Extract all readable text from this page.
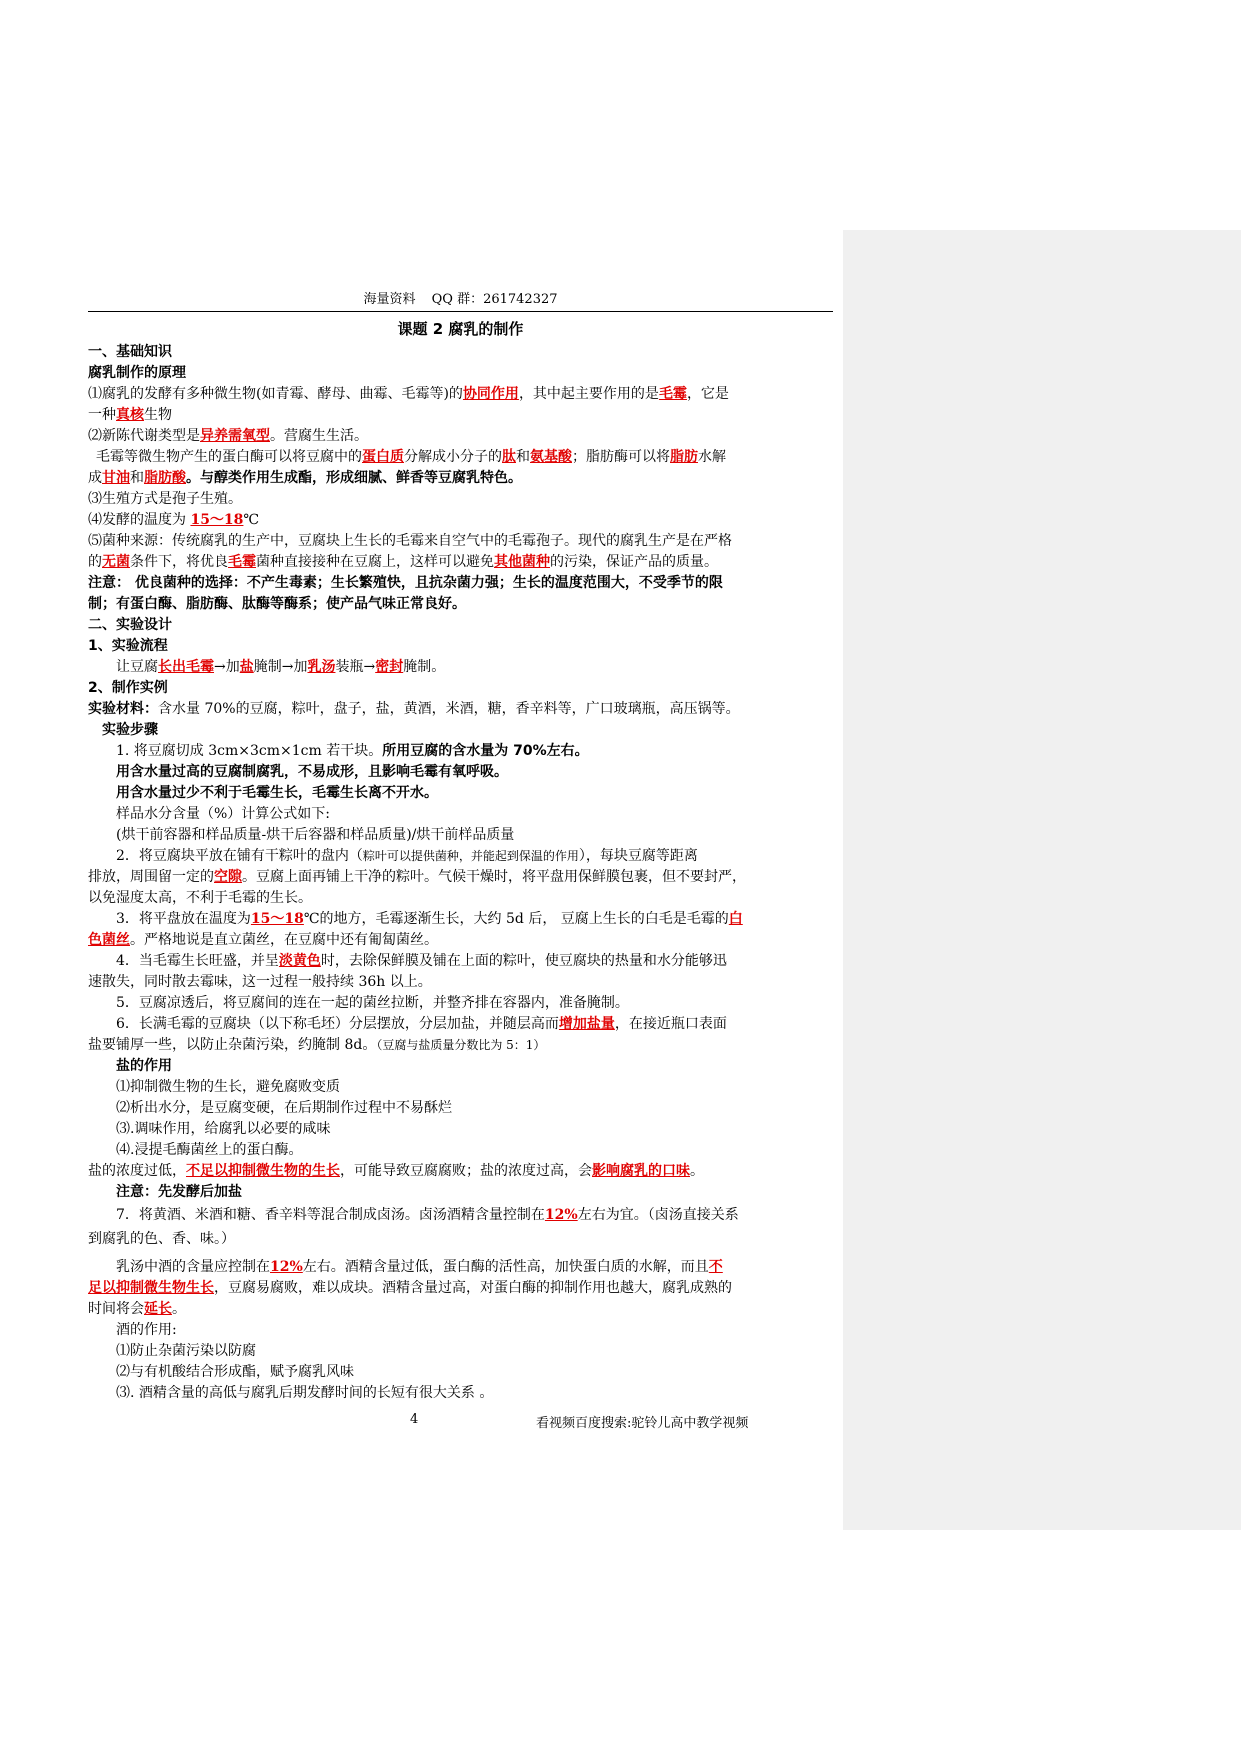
海量资料 QQ 群：261742327
课题 2 腐乳的制作
一、基础知识
腐乳制作的原理

⑴腐乳的发酵有多种微生物(如青霉、酵母、曲霉、毛霉等)的协同作用，其中起主要作用的是毛霉，它是

一种真核生物

⑵新陈代谢类型是异养需氧型。营腐生生活。

毛霉等微生物产生的蛋白酶可以将豆腐中的蛋白质分解成小分子的肽和氨基酸；脂肪酶可以将脂肪水解

成甘油和脂肪酸。与醇类作用生成酯，形成细腻、鲜香等豆腐乳特色。

⑶生殖方式是孢子生殖。

⑷发酵的温度为 15～18℃

⑸菌种来源：传统腐乳的生产中，豆腐块上生长的毛霉来自空气中的毛霉孢子。现代的腐乳生产是在严格

的无菌条件下，将优良毛霉菌种直接接种在豆腐上，这样可以避免其他菌种的污染，保证产品的质量。

注意： 优良菌种的选择：不产生毒素；生长繁殖快，且抗杂菌力强；生长的温度范围大，不受季节的限

制；有蛋白酶、脂肪酶、肽酶等酶系；使产品气味正常良好。

二、实验设计
1、实验流程

让豆腐长出毛霉→加盐腌制→加乳汤装瓶→密封腌制。

2、制作实例

实验材料：含水量 70%的豆腐，粽叶，盘子，盐，黄酒，米酒，糖，香辛料等，广口玻璃瓶，高压锅等。

实验步骤

1. 将豆腐切成 3cm×3cm×1cm 若干块。所用豆腐的含水量为 70%左右。

用含水量过高的豆腐制腐乳，不易成形，且影响毛霉有氧呼吸。

用含水量过少不利于毛霉生长，毛霉生长离不开水。

样品水分含量（%）计算公式如下:

(烘干前容器和样品质量-烘干后容器和样品质量)/烘干前样品质量

2．将豆腐块平放在铺有干粽叶的盘内（粽叶可以提供菌种，并能起到保温的作用），每块豆腐等距离

排放，周围留一定的空隙。豆腐上面再铺上干净的粽叶。气候干燥时，将平盘用保鲜膜包裹，但不要封严，

以免湿度太高，不利于毛霉的生长。

3．将平盘放在温度为15～18℃的地方，毛霉逐渐生长，大约 5d 后， 豆腐上生长的白毛是毛霉的白

色菌丝。严格地说是直立菌丝，在豆腐中还有匍匐菌丝。

4．当毛霉生长旺盛，并呈淡黄色时，去除保鲜膜及铺在上面的粽叶，使豆腐块的热量和水分能够迅

速散失，同时散去霉味，这一过程一般持续 36h 以上。

5．豆腐凉透后，将豆腐间的连在一起的菌丝拉断，并整齐排在容器内，准备腌制。

6．长满毛霉的豆腐块（以下称毛坯）分层摆放，分层加盐，并随层高而增加盐量，在接近瓶口表面

盐要铺厚一些，以防止杂菌污染，约腌制 8d。（豆腐与盐质量分数比为 5：1）

盐的作用

⑴抑制微生物的生长，避免腐败变质

⑵析出水分，是豆腐变硬，在后期制作过程中不易酥烂

⑶.调味作用，给腐乳以必要的咸味

⑷.浸提毛酶菌丝上的蛋白酶。

盐的浓度过低，不足以抑制微生物的生长，可能导致豆腐腐败；盐的浓度过高，会影响腐乳的口味。

注意：先发酵后加盐

7．将黄酒、米酒和糖、香辛料等混合制成卤汤。卤汤酒精含量控制在12%左右为宜。（卤汤直接关系

到腐乳的色、香、味。）

乳汤中酒的含量应控制在12%左右。酒精含量过低，蛋白酶的活性高，加快蛋白质的水解，而且不

足以抑制微生物生长，豆腐易腐败，难以成块。酒精含量过高，对蛋白酶的抑制作用也越大，腐乳成熟的

时间将会延长。

酒的作用:

⑴防止杂菌污染以防腐

⑵与有机酸结合形成酯，赋予腐乳风味

⑶. 酒精含量的高低与腐乳后期发酵时间的长短有很大关系 。

4	看视频百度搜索:驼铃儿高中教学视频
